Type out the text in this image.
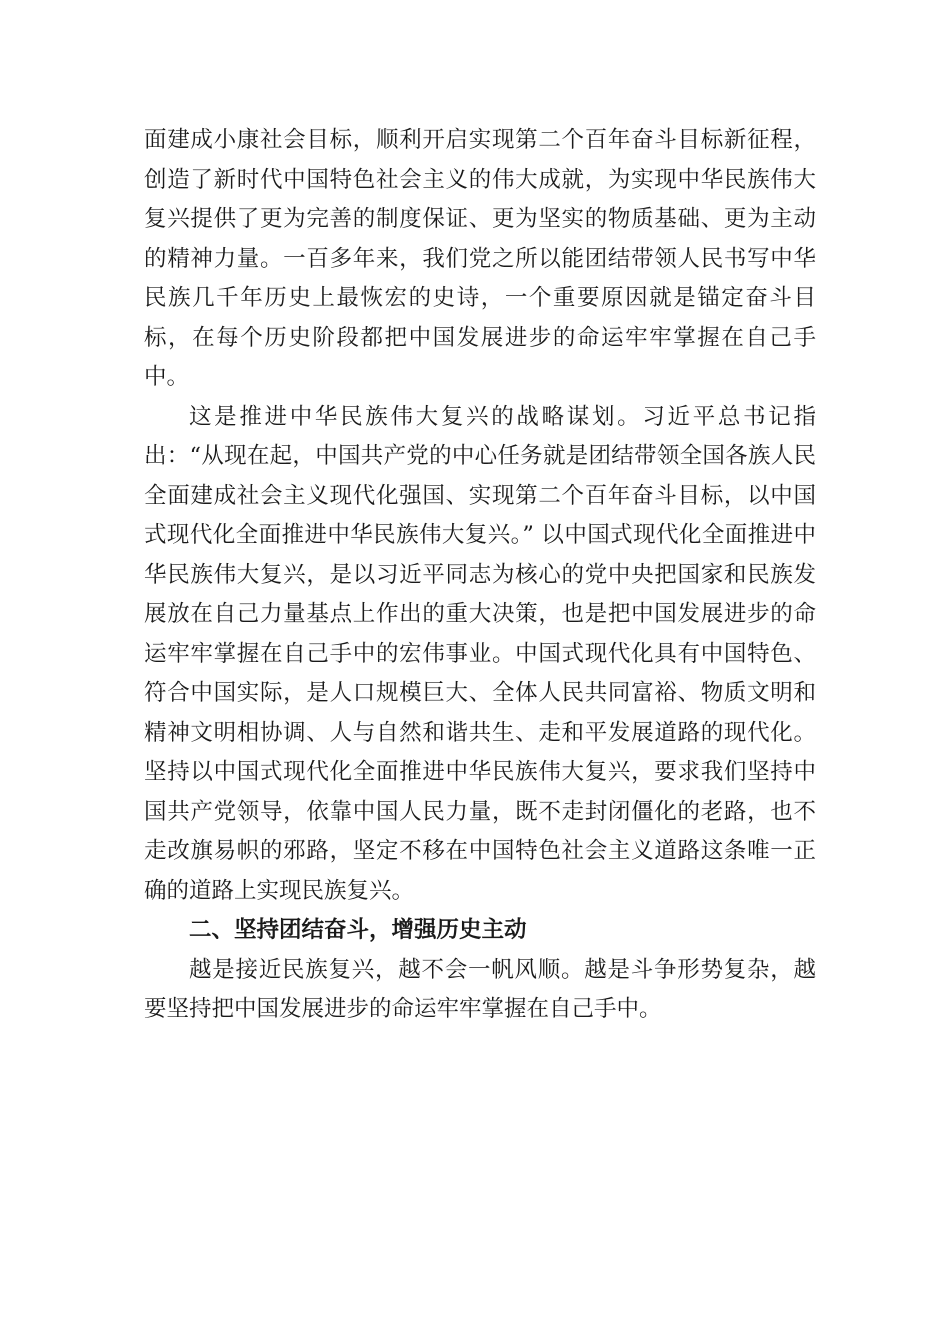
面建成小康社会目标，顺利开启实现第二个百年奋斗目标新征程，创造了新时代中国特色社会主义的伟大成就，为实现中华民族伟大复兴提供了更为完善的制度保证、更为坚实的物质基础、更为主动的精神力量。一百多年来，我们党之所以能团结带领人民书写中华民族几千年历史上最恢宏的史诗，一个重要原因就是锚定奋斗目标，在每个历史阶段都把中国发展进步的命运牢牢掌握在自己手中。

这是推进中华民族伟大复兴的战略谋划。习近平总书记指出：“从现在起，中国共产党的中心任务就是团结带领全国各族人民全面建成社会主义现代化强国、实现第二个百年奋斗目标，以中国式现代化全面推进中华民族伟大复兴。” 以中国式现代化全面推进中华民族伟大复兴，是以习近平同志为核心的党中央把国家和民族发展放在自己力量基点上作出的重大决策，也是把中国发展进步的命运牢牢掌握在自己手中的宏伟事业。中国式现代化具有中国特色、符合中国实际，是人口规模巨大、全体人民共同富裕、物质文明和精神文明相协调、人与自然和谐共生、走和平发展道路的现代化。坚持以中国式现代化全面推进中华民族伟大复兴，要求我们坚持中国共产党领导，依靠中国人民力量，既不走封闭僵化的老路，也不走改旗易帜的邪路，坚定不移在中国特色社会主义道路这条唯一正确的道路上实现民族复兴。

二、坚持团结奋斗，增强历史主动

越是接近民族复兴，越不会一帆风顺。越是斗争形势复杂，越要坚持把中国发展进步的命运牢牢掌握在自己手中。
